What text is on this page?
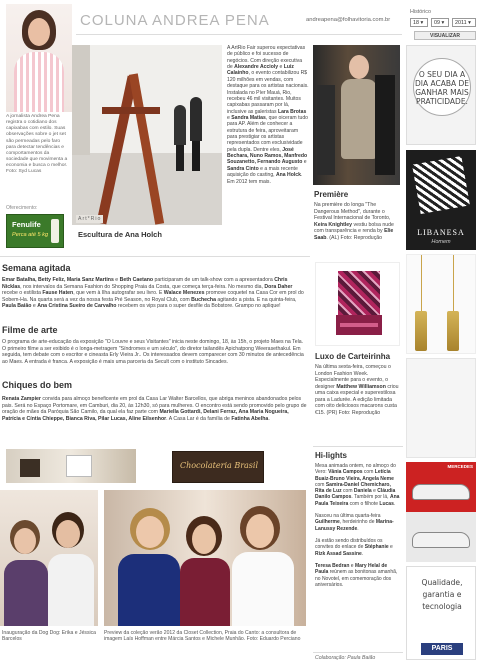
COLUNA ANDREA PENA	andreapena@folhavitoria.com.br
Histórico
18 ▾	09 ▾	2011 ▾
VISUALIZAR
A jornalista Andrea Pena registra o cotidiano dos capixabas com estilo. Suas observações sobre o jet set são permeadas pelo faro para detectar tendências e comportamentos da sociedade que movimenta a economia e busca o melhor. Foto: Syd Lucas
Oferecimento:
Fenulife
Perca até 5 kg
Art*Rio
Escultura de Ana Holch
A ArtRio Fair superou expectativas de público e foi sucesso de negócios. Com direção executiva de Alexandre Accioly e Luiz Calainho, o evento contabilizou R$ 120 milhões em vendas, com destaque para os artistas nacionais. Instalada no Píer Mauá, Rio, recebeu 46 mil visitantes. Muitos capixabas passaram por lá, inclusive as galeristas Lara Brotas e Sandra Matias, que oiceram tudo para AP. Além de conhecer a estrutura de feira, aproveitaram para prestigiar os artistas representados com exclusividade pela dupla. Dentre eles, José Bechara, Nuno Ramos, Manfredo Souzanetto, Fernando Augusto e Sandra Cinto e a mais recente aquisição do casting, Ana Holck. Em 2012 tem mais.
Première
Na première do longa "The Dangerous Method", durante o Festival Internacional de Toronto, Keira Knightley vestiu bolsa nude com transparência e renda by Elie Saab. (AL) Foto: Reprodução
O SEU DIA A DIA ACABA DE GANHAR MAIS PRATICIDADE.
LIBANESA
Homem
MERCEDES
Qualidade, garantia e tecnologia
PARIS
Semana agitada
Emar Batalha, Betty Feliz, Maria Sanz Martins e Beth Caetano participaram de um talk-show com a apresentadora Chris Nicklas, nos intervalos da Semana Fashion do Shopping Praia da Costa, que começa terça-feira. No mesmo dia, Dora Daher recebe o estilista Fause Haten, que vem à Ilha autografar seu livro. E Walace Menezes promove coquetel na Casa Cor em prol do Sobem-Ha. Na quarta será a vez da nossa festa Pré Season, no Royal Club, com Buchecha agitando a pista. E na quinta-feira, Paula Baião e Ana Cristina Sueiro de Carvalho recebem os vips para o super desfile da Bobstore. Grampo no aplique!
Filme de arte
O programa de arte-educação da exposição "O Louvre e seus Visitantes" inicia neste domingo, 18, às 15h, o projeto Maes na Tela. O primeiro filme a ser exibido é o longa-metragem "Síndromes e um século", do diretor tailandês Apichatpong Weerasethakul. Em seguida, tem debate com o escritor e cineasta Erly Vieira Jr.. Os interessados devem comparecer com 30 minutos de antecedência ao Maes. A entrada é franca. A exposição é mais uma parceria da Secult com o instituto Sincades.
Chiques do bem
Renata Zampier convida para almoço beneficente em prol da Casa Lar Walter Barcellos, que abriga meninos abandonados pelos pais. Será no Espaço Portomare, em Camburi, dia 20, às 12h30, só para mulheres. O encontro está sendo promovido pelo grupo de oração de mães da Paróquia São Camilo, da qual ela faz parte com Mariella Gottardi, Delani Ferraz, Ana Maria Nogueira, Patrícia e Cíntia Chieppe, Bianca Riva, Pilar Lucas, Aline Eilsenhor. A Casa Lar é da família de Fatinha Abelha.
Luxo de Carteirinha
Na última sexta-feira, começou o London Fashion Week. Especialmente para o evento, o designer Matthew Williamson criou uma caixa especial e superestilosa para a Ladurée. A edição limitada com oito deliciosos macarons custa €15. (PR) Foto: Reprodução
Hi-lights
Mesa animada ontem, no almoço do Vero: Vânia Campos com Letícia Buaiz-Bruno Vieira, Angela Neme com Samira-Daniel Chemicharo, Rita de Luz com Daniela e Cláudia Danilo Campos. Também por lá, Ana Paula Teixeira com o filhote Lucas.

Nasceu na última quarta-feira Guilherme, herdeirinho de Marina-Lanussy Rezende.

Já estão sendo distribuídos os convites do enlace de Stéphanie e Rizk Assad Sassine.

Teresa Bedran e Mary Helal de Paula reúnem as bonitonas amanhã, no Novotel, em comemoração dos aniversários.
Colaboração: Paula Baião
Chocolateria Brasil
Inauguração da Dog Dog: Erika e Jéssica Barcelos
Preview da coleção verão 2012 da Closet Collection, Praia do Canto: a consultora de imagem Laís Hoffman entre Márcia Santos e Michele Munhão. Foto: Eduardo Perciano
